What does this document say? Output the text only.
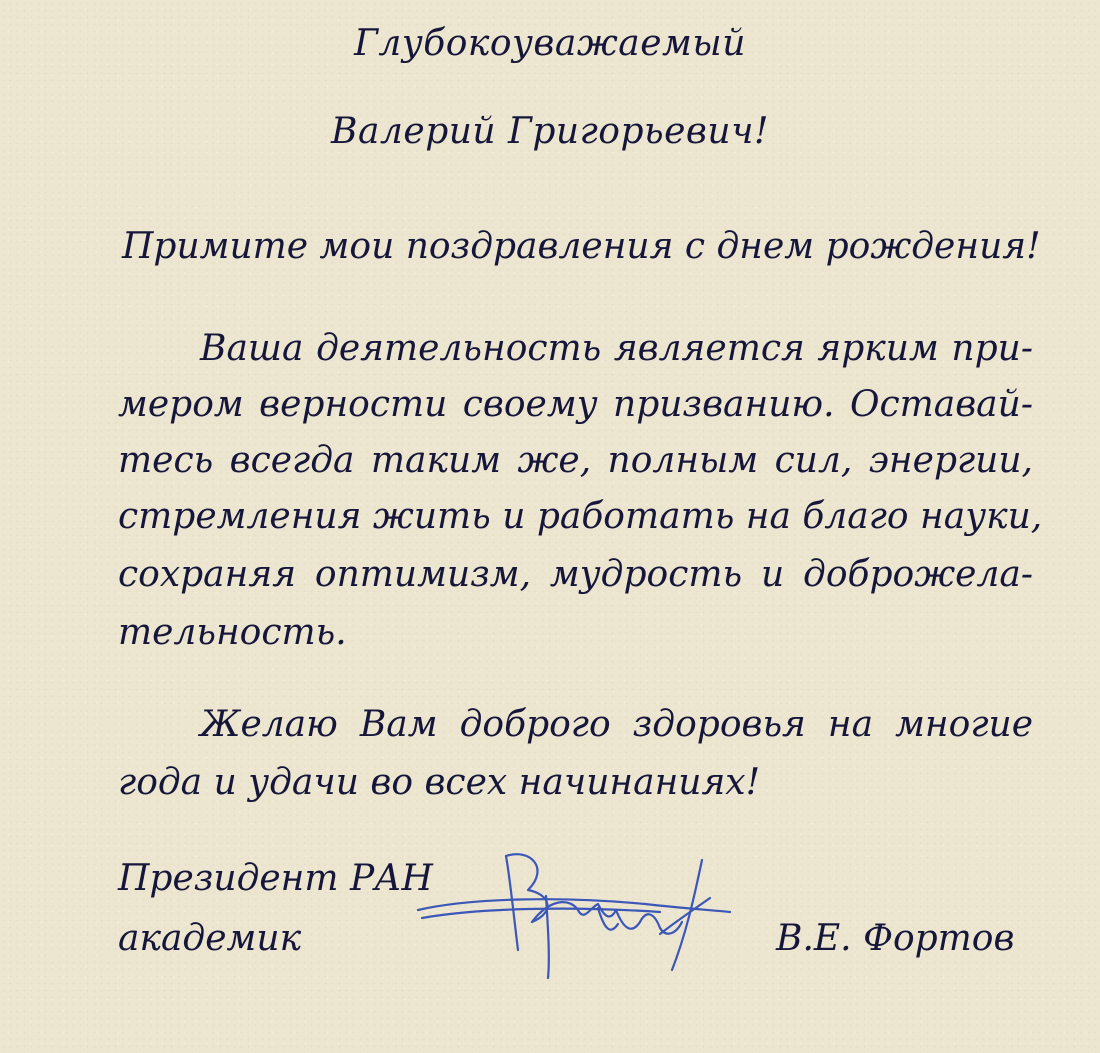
Глубокоуважаемый
Валерий Григорьевич!
Примите мои поздравления с днем рождения!
Ваша деятельность является ярким при-
мером верности своему призванию. Оставай-
тесь всегда таким же, полным сил, энергии,
стремления жить и работать на благо науки,
сохраняя оптимизм, мудрость и доброжела-
тельность.
Желаю Вам доброго здоровья на многие
года и удачи во всех начинаниях!
Президент РАН
академик	В.Е. Фортов
